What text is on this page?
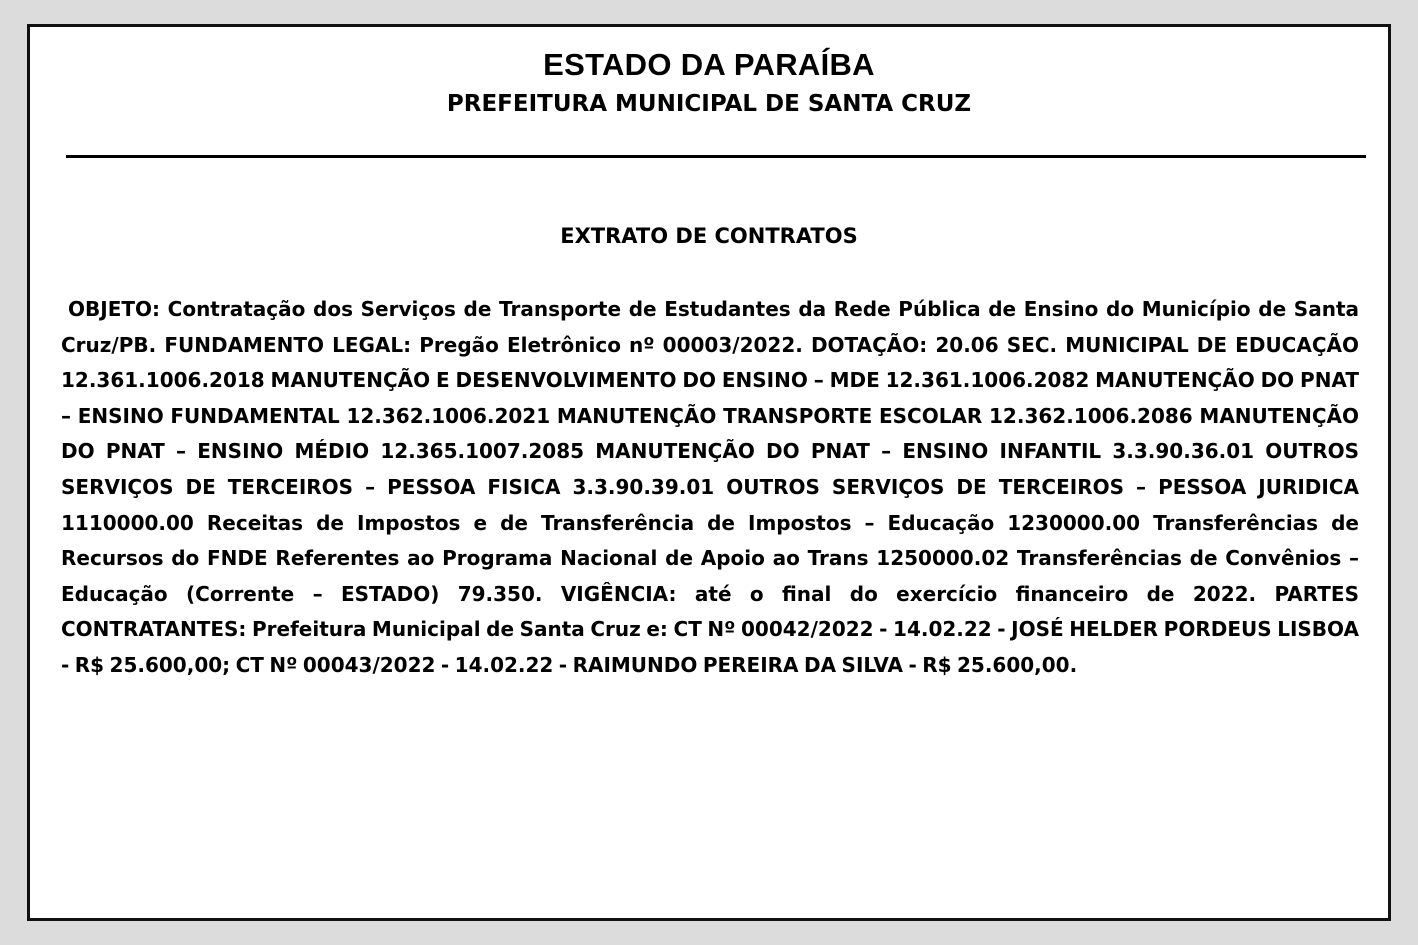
ESTADO DA PARAÍBA
PREFEITURA MUNICIPAL DE SANTA CRUZ
EXTRATO DE CONTRATOS

OBJETO: Contratação dos Serviços de Transporte de Estudantes da Rede Pública de Ensino do Município de Santa Cruz/PB. FUNDAMENTO LEGAL: Pregão Eletrônico nº 00003/2022. DOTAÇÃO: 20.06 SEC. MUNICIPAL DE EDUCAÇÃO 12.361.1006.2018 MANUTENÇÃO E DESENVOLVIMENTO DO ENSINO – MDE 12.361.1006.2082 MANUTENÇÃO DO PNAT – ENSINO FUNDAMENTAL 12.362.1006.2021 MANUTENÇÃO TRANSPORTE ESCOLAR 12.362.1006.2086 MANUTENÇÃO DO PNAT – ENSINO MÉDIO 12.365.1007.2085 MANUTENÇÃO DO PNAT – ENSINO INFANTIL 3.3.90.36.01 OUTROS SERVIÇOS DE TERCEIROS – PESSOA FISICA 3.3.90.39.01 OUTROS SERVIÇOS DE TERCEIROS – PESSOA JURIDICA 1110000.00 Receitas de Impostos e de Transferência de Impostos – Educação 1230000.00 Transferências de Recursos do FNDE Referentes ao Programa Nacional de Apoio ao Trans 1250000.02 Transferências de Convênios – Educação (Corrente – ESTADO) 79.350. VIGÊNCIA: até o final do exercício financeiro de 2022. PARTES CONTRATANTES: Prefeitura Municipal de Santa Cruz e: CT Nº 00042/2022 - 14.02.22 - JOSÉ HELDER PORDEUS LISBOA - R$ 25.600,00; CT Nº 00043/2022 - 14.02.22 - RAIMUNDO PEREIRA DA SILVA - R$ 25.600,00.
